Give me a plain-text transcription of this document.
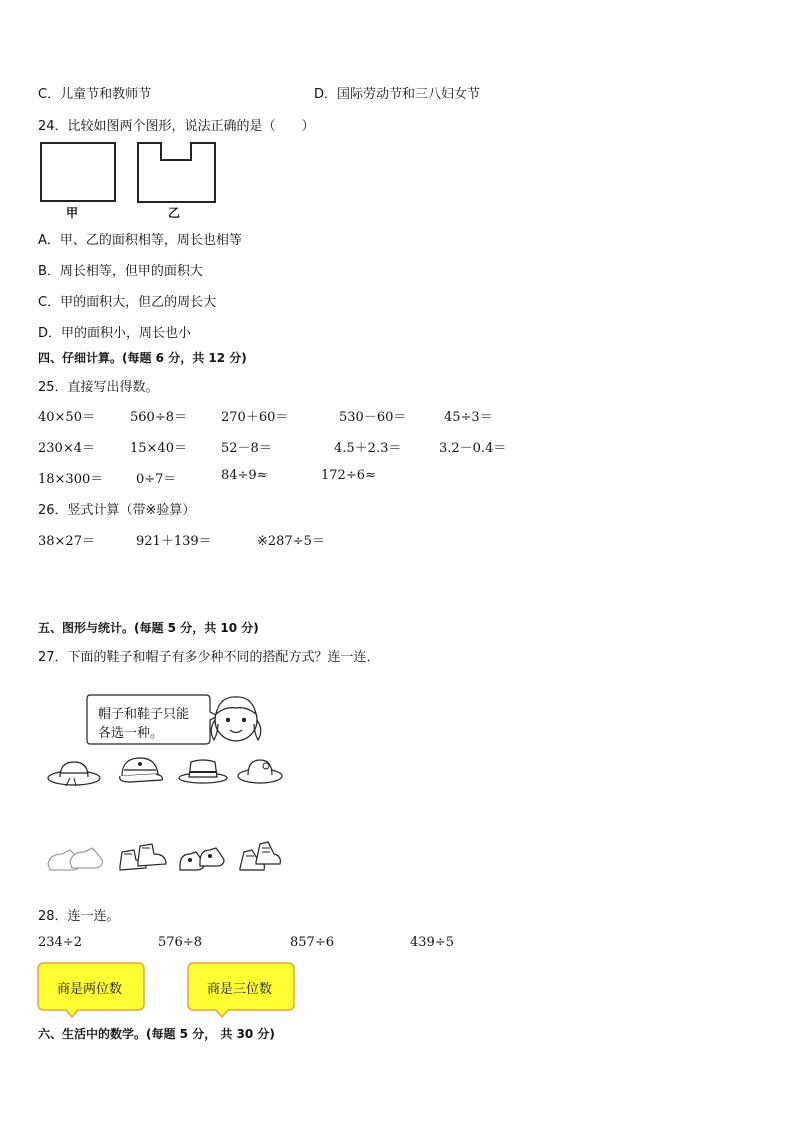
C．儿童节和教师节	D．国际劳动节和三八妇女节
24．比较如图两个图形，说法正确的是（　　）
甲	乙
A．甲、乙的面积相等，周长也相等
B．周长相等，但甲的面积大
C．甲的面积大，但乙的周长大
D．甲的面积小，周长也小
四、仔细计算。(每题 6 分，共 12 分)
25．直接写出得数。
40×50＝	560÷8＝	270＋60＝	530－60＝	45÷3＝
230×4＝	15×40＝	52－8＝	4.5＋2.3＝	3.2－0.4＝
18×300＝	0÷7＝	84÷9≈	172÷6≈
26．竖式计算（带※验算）
38×27＝	921＋139＝	※287÷5＝
五、图形与统计。(每题 5 分，共 10 分)
27．下面的鞋子和帽子有多少种不同的搭配方式？连一连．
帽子和鞋子只能
各选一种。
28．连一连。
234÷2	576÷8	857÷6	439÷5
商是两位数	商是三位数
六、生活中的数学。(每题 5 分， 共 30 分)
